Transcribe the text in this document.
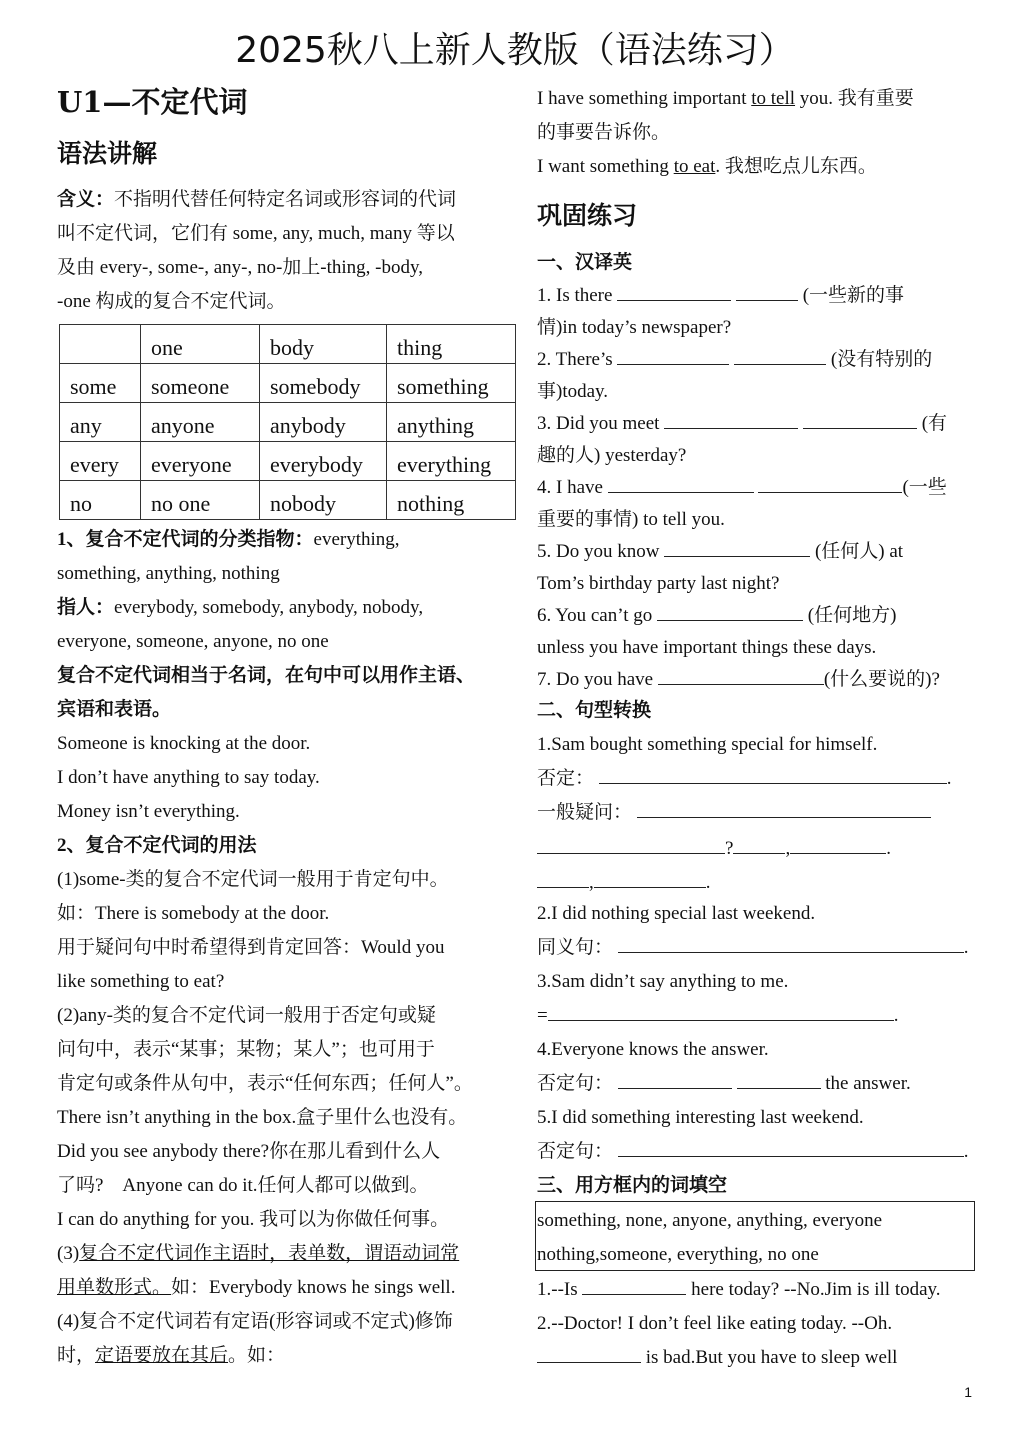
2025秋八上新人教版（语法练习）
U1—不定代词
语法讲解
含义：不指明代替任何特定名词或形容词的代词
叫不定代词，它们有 some, any, much, many 等以
及由 every-, some-, any-, no-加上-thing, -body,
-one 构成的复合不定代词。
	one	body	thing
some	someone	somebody	something
any	anyone	anybody	anything
every	everyone	everybody	everything
no	no one	nobody	nothing
1、复合不定代词的分类指物：everything,
something, anything, nothing
指人：everybody, somebody, anybody, nobody,
everyone, someone, anyone, no one
复合不定代词相当于名词，在句中可以用作主语、
宾语和表语。
Someone is knocking at the door.
I don’t have anything to say today.
Money isn’t everything.
2、复合不定代词的用法
(1)some-类的复合不定代词一般用于肯定句中。
如：There is somebody at the door.
用于疑问句中时希望得到肯定回答：Would you
like something to eat?
(2)any-类的复合不定代词一般用于否定句或疑
问句中，表示“某事；某物；某人”；也可用于
肯定句或条件从句中，表示“任何东西；任何人”。
There isn’t anything in the box.盒子里什么也没有。
Did you see anybody there?你在那儿看到什么人
了吗?　Anyone can do it.任何人都可以做到。
I can do anything for you. 我可以为你做任何事。
(3)复合不定代词作主语时，表单数，谓语动词常
用单数形式。如：Everybody knows he sings well.
(4)复合不定代词若有定语(形容词或不定式)修饰
时，定语要放在其后。如：
I have something important to tell you. 我有重要
的事要告诉你。
I want something to eat. 我想吃点儿东西。
巩固练习
一、汉译英
1. Is there	(一些新的事
情)in today’s newspaper?
2. There’s	(没有特别的
事)today.
3. Did you meet	(有
趣的人) yesterday?
4. I have	(一些
重要的事情) to tell you.
5. Do you know	(任何人) at
Tom’s birthday party last night?
6. You can’t go	(任何地方)
unless you have important things these days.
7. Do you have	(什么要说的)?
二、句型转换
1.Sam bought something special for himself.
否定：	.
一般疑问：
?	,	.
,	.
2.I did nothing special last weekend.
同义句：	.
3.Sam didn’t say anything to me.
=	.
4.Everyone knows the answer.
否定句：	the answer.
5.I did something interesting last weekend.
否定句：	.
三、用方框内的词填空
something, none, anyone, anything, everyone
nothing,someone, everything, no one
1.--Is	here today? --No.Jim is ill today.
2.--Doctor! I don’t feel like eating today. --Oh.
is bad.But you have to sleep well
1
